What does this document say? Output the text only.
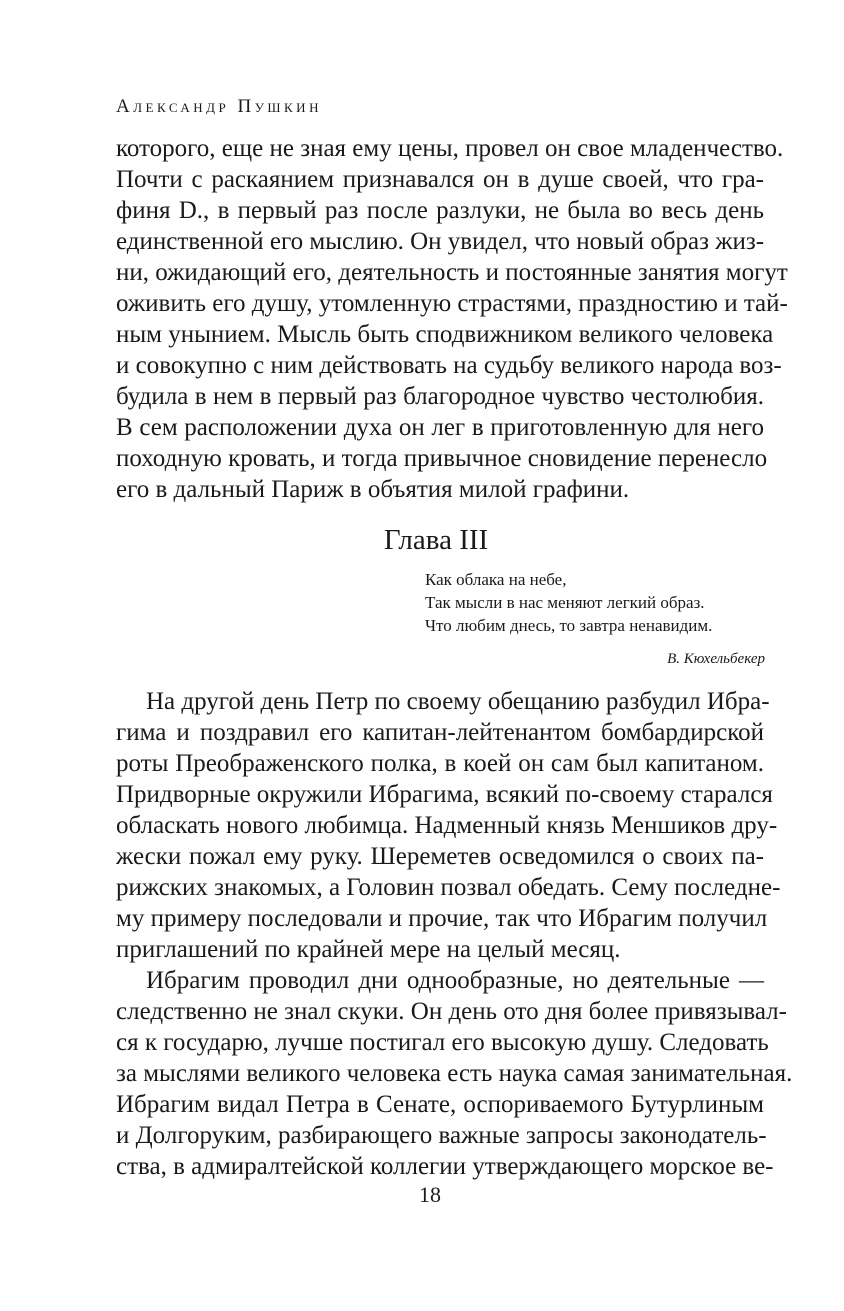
Александр Пушкин
которого, еще не зная ему цены, провел он свое младенчество.
Почти с раскаянием признавался он в душе своей, что гра-
финя D., в первый раз после разлуки, не была во весь день
единственной его мыслию. Он увидел, что новый образ жиз-
ни, ожидающий его, деятельность и постоянные занятия могут
оживить его душу, утомленную страстями, праздностию и тай-
ным унынием. Мысль быть сподвижником великого человека
и совокупно с ним действовать на судьбу великого народа воз-
будила в нем в первый раз благородное чувство честолюбия.
В сем расположении духа он лег в приготовленную для него
походную кровать, и тогда привычное сновидение перенесло
его в дальный Париж в объятия милой графини.
Глава III
Как облака на небе,
Так мысли в нас меняют легкий образ.
Что любим днесь, то завтра ненавидим.
В. Кюхельбекер
На другой день Петр по своему обещанию разбудил Ибра-
гима и поздравил его капитан-лейтенантом бомбардирской
роты Преображенского полка, в коей он сам был капитаном.
Придворные окружили Ибрагима, всякий по-своему старался
обласкать нового любимца. Надменный князь Меншиков дру-
жески пожал ему руку. Шереметев осведомился о своих па-
рижских знакомых, а Головин позвал обедать. Сему последне-
му примеру последовали и прочие, так что Ибрагим получил
приглашений по крайней мере на целый месяц.
Ибрагим проводил дни однообразные, но деятельные —
следственно не знал скуки. Он день ото дня более привязывал-
ся к государю, лучше постигал его высокую душу. Следовать
за мыслями великого человека есть наука самая занимательная.
Ибрагим видал Петра в Сенате, оспориваемого Бутурлиным
и Долгоруким, разбирающего важные запросы законодатель-
ства, в адмиралтейской коллегии утверждающего морское ве-
18
